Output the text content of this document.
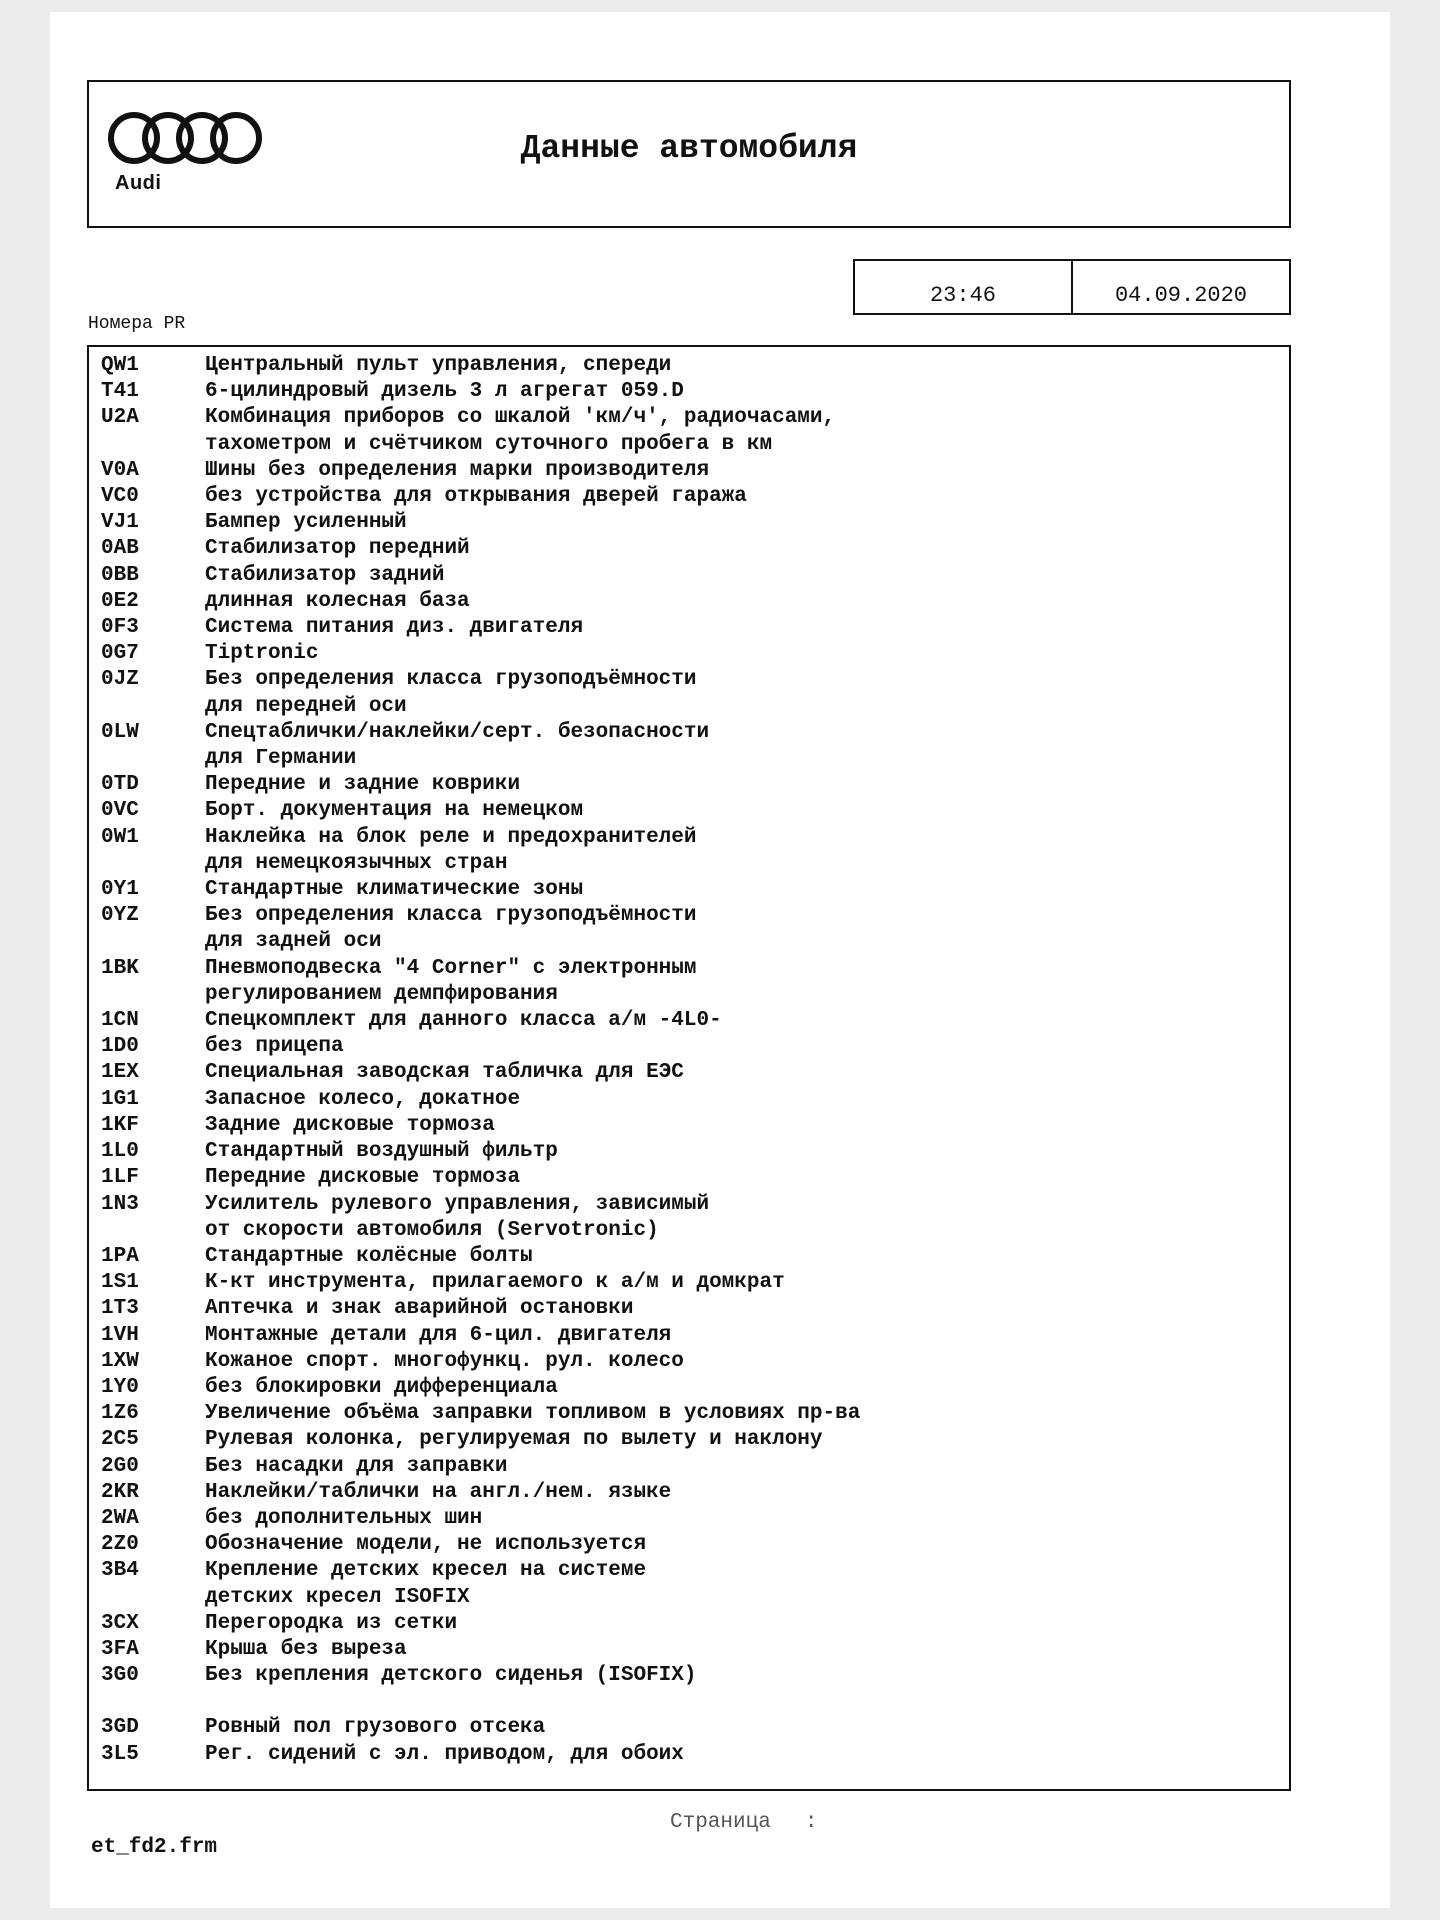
Audi
Данные автомобиля
23:46	04.09.2020
Номера PR
QW1	Центральный пульт управления, спереди
T41	6-цилиндровый дизель 3 л агрегат 059.D
U2A	Комбинация приборов со шкалой 'км/ч', радиочасами,
тахометром и счётчиком суточного пробега в км
V0A	Шины без определения марки производителя
VC0	без устройства для открывания дверей гаража
VJ1	Бампер усиленный
0AB	Стабилизатор передний
0BB	Стабилизатор задний
0E2	длинная колесная база
0F3	Система питания диз. двигателя
0G7	Tiptronic
0JZ	Без определения класса грузоподъёмности
для передней оси
0LW	Спецтаблички/наклейки/серт. безопасности
для Германии
0TD	Передние и задние коврики
0VC	Борт. документация на немецком
0W1	Наклейка на блок реле и предохранителей
для немецкоязычных стран
0Y1	Стандартные климатические зоны
0YZ	Без определения класса грузоподъёмности
для задней оси
1BK	Пневмоподвеска "4 Corner" с электронным
регулированием демпфирования
1CN	Спецкомплект для данного класса а/м -4L0-
1D0	без прицепа
1EX	Специальная заводская табличка для ЕЭС
1G1	Запасное колесо, докатное
1KF	Задние дисковые тормоза
1L0	Стандартный воздушный фильтр
1LF	Передние дисковые тормоза
1N3	Усилитель рулевого управления, зависимый
от скорости автомобиля (Servotronic)
1PA	Стандартные колёсные болты
1S1	К-кт инструмента, прилагаемого к а/м и домкрат
1T3	Аптечка и знак аварийной остановки
1VH	Монтажные детали для 6-цил. двигателя
1XW	Кожаное спорт. многофункц. рул. колесо
1Y0	без блокировки дифференциала
1Z6	Увеличение объёма заправки топливом в условиях пр-ва
2C5	Рулевая колонка, регулируемая по вылету и наклону
2G0	Без насадки для заправки
2KR	Наклейки/таблички на англ./нем. языке
2WA	без дополнительных шин
2Z0	Обозначение модели, не используется
3B4	Крепление детских кресел на системе
детских кресел ISOFIX
3CX	Перегородка из сетки
3FA	Крыша без выреза
3G0	Без крепления детского сиденья (ISOFIX)
3GD	Ровный пол грузового отсека
3L5	Рег. сидений с эл. приводом, для обоих
Страница :
et_fd2.frm
